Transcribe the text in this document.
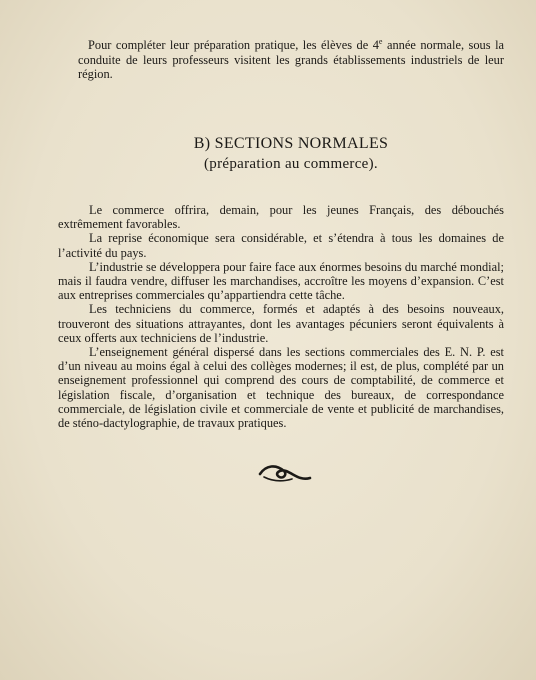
Pour compléter leur préparation pratique, les élèves de 4e année normale, sous la conduite de leurs professeurs visitent les grands établissements industriels de leur région.

B) SECTIONS NORMALES
(préparation au commerce).

Le commerce offrira, demain, pour les jeunes Français, des débouchés extrêmement favorables.

La reprise économique sera considérable, et s’étendra à tous les domaines de l’activité du pays.

L’industrie se développera pour faire face aux énormes besoins du marché mondial; mais il faudra vendre, diffuser les marchandises, accroître les moyens d’expansion. C’est aux entreprises commerciales qu’appartiendra cette tâche.

Les techniciens du commerce, formés et adaptés à des besoins nouveaux, trouveront des situations attrayantes, dont les avantages pécuniers seront équivalents à ceux offerts aux techniciens de l’industrie.

L’enseignement général dispersé dans les sections commerciales des E. N. P. est d’un niveau au moins égal à celui des collèges modernes; il est, de plus, complété par un enseignement professionnel qui comprend des cours de comptabilité, de commerce et législation fiscale, d’organisation et technique des bureaux, de correspondance commerciale, de législation civile et commerciale de vente et publicité de marchandises, de sténo-dactylographie, de travaux pratiques.
